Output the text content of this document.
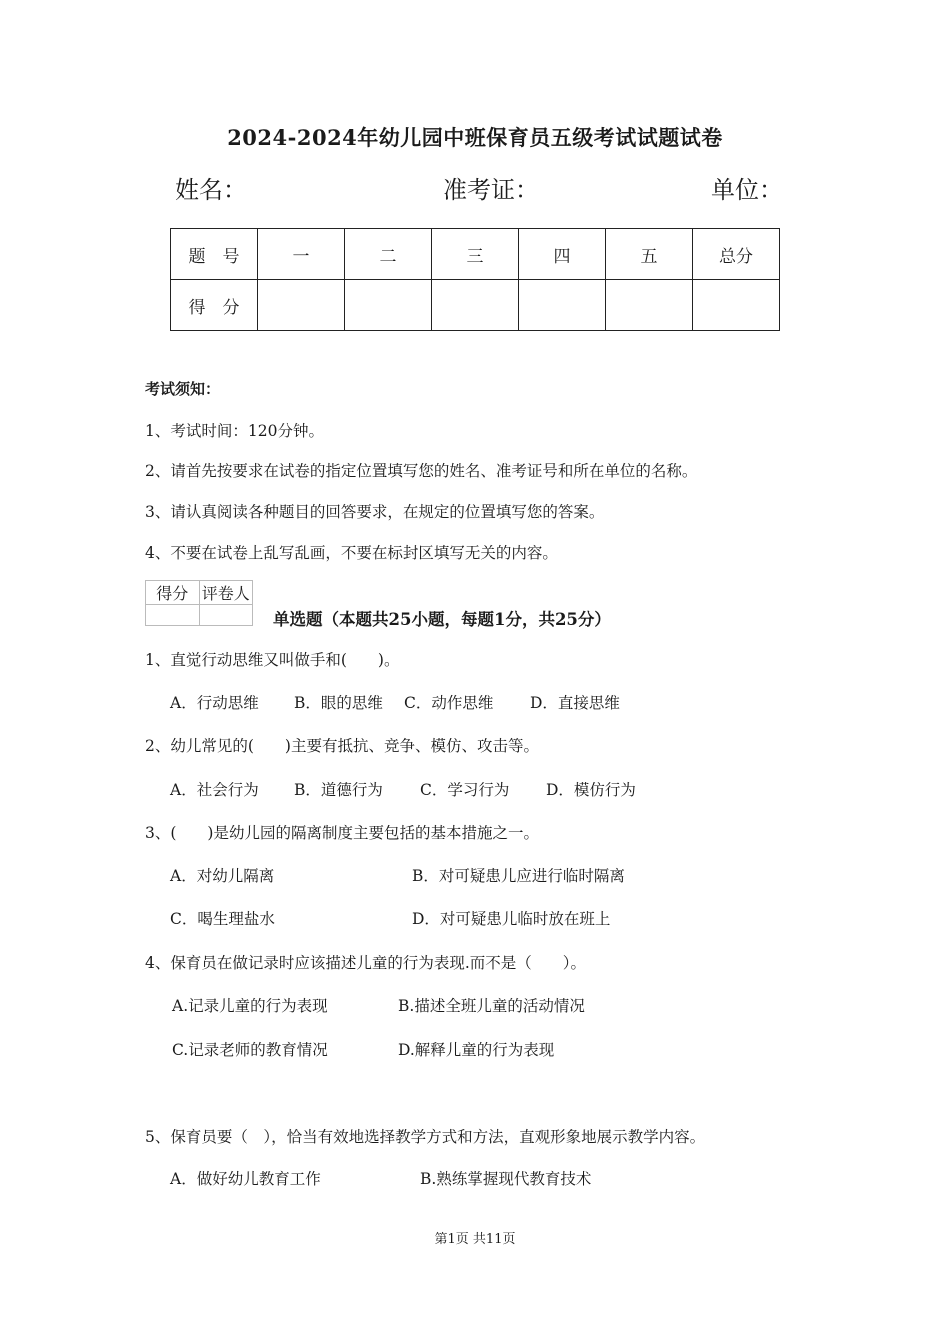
2024-2024年幼儿园中班保育员五级考试试题试卷
姓名：	准考证：	单位：
题　号	一	二	三	四	五	总分
得　分						
考试须知：
1、考试时间：120分钟。
2、请首先按要求在试卷的指定位置填写您的姓名、准考证号和所在单位的名称。
3、请认真阅读各种题目的回答要求，在规定的位置填写您的答案。
4、不要在试卷上乱写乱画，不要在标封区填写无关的内容。
得分	评卷人

单选题（本题共25小题，每题1分，共25分）
1、直觉行动思维又叫做手和(　　)。
A．行动思维 B．眼的思维 C．动作思维 D．直接思维
2、幼儿常见的(　　)主要有抵抗、竞争、模仿、攻击等。
A．社会行为 B．道德行为 C．学习行为 D．模仿行为
3、(　　)是幼儿园的隔离制度主要包括的基本措施之一。
A．对幼儿隔离	B．对可疑患儿应进行临时隔离
C．喝生理盐水	D．对可疑患儿临时放在班上
4、保育员在做记录时应该描述儿童的行为表现.而不是（　　）。
A.记录儿童的行为表现	B.描述全班儿童的活动情况
C.记录老师的教育情况	D.解释儿童的行为表现
5、保育员要（　），恰当有效地选择教学方式和方法，直观形象地展示教学内容。
A．做好幼儿教育工作	B.熟练掌握现代教育技术
第1页 共11页
